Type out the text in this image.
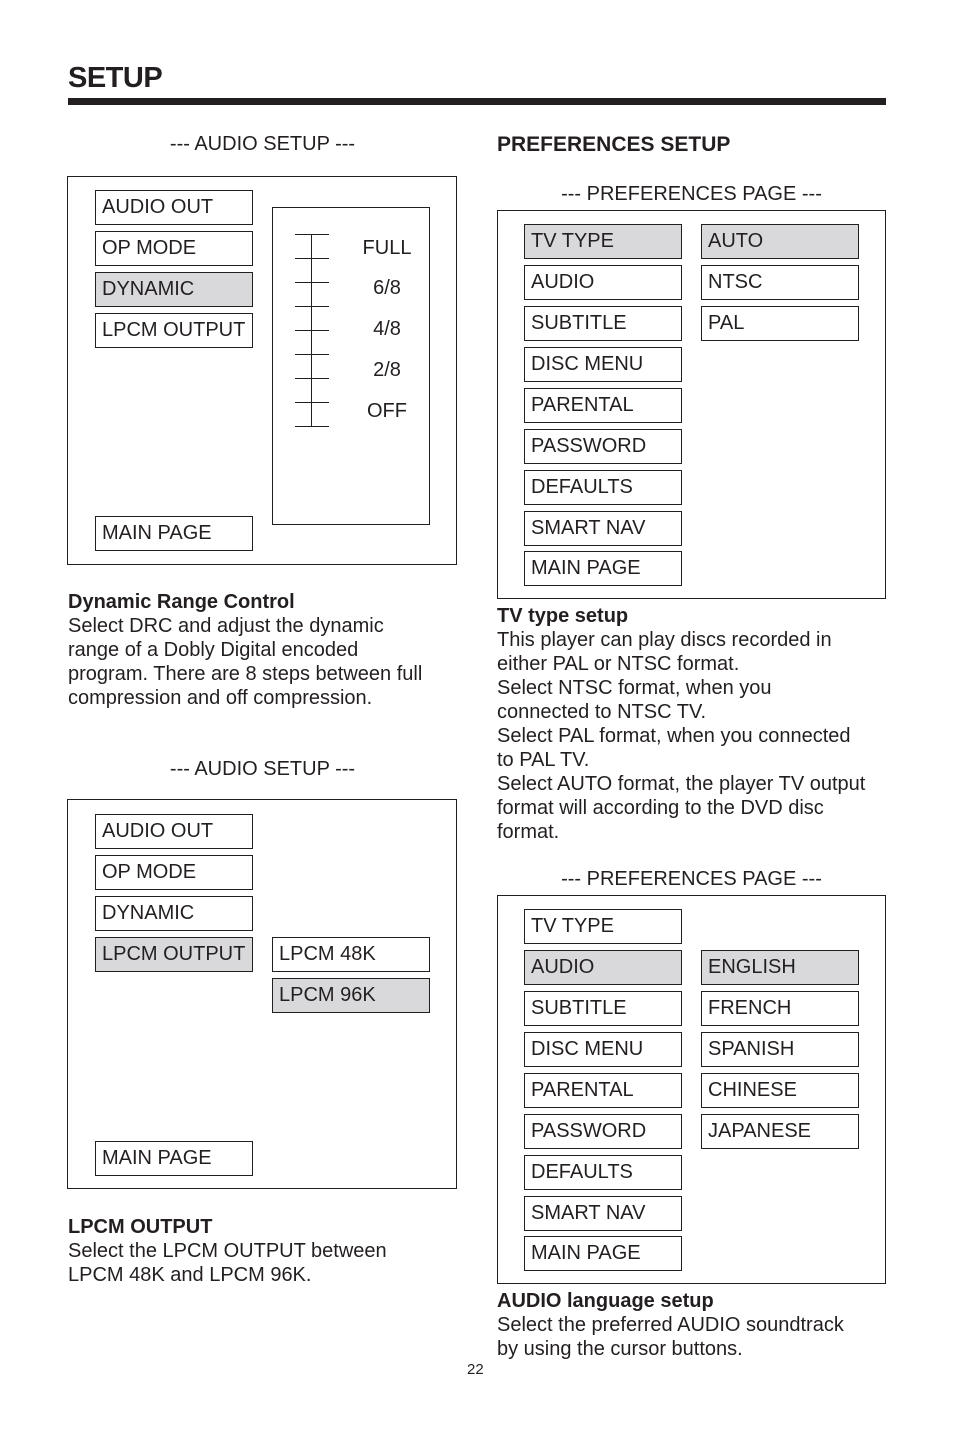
SETUP
--- AUDIO SETUP ---
AUDIO OUT
OP MODE
DYNAMIC
LPCM OUTPUT
MAIN PAGE
FULL
6/8
4/8
2/8
OFF
Dynamic Range Control
Select DRC and adjust the dynamic
range of a Dobly Digital encoded
program. There are 8 steps between full
compression and off compression.
--- AUDIO SETUP ---
AUDIO OUT
OP MODE
DYNAMIC
LPCM OUTPUT	LPCM 48K
LPCM 96K
MAIN PAGE
LPCM OUTPUT
Select the LPCM OUTPUT between
LPCM 48K and LPCM 96K.
PREFERENCES SETUP
--- PREFERENCES PAGE ---
TV TYPE
AUDIO
SUBTITLE
DISC MENU
PARENTAL
PASSWORD
DEFAULTS
SMART NAV
MAIN PAGE
AUTO
NTSC
PAL
TV type setup
This player can play discs recorded in
either PAL or NTSC format.
Select NTSC format, when you
connected to NTSC TV.
Select PAL format, when you connected
to PAL TV.
Select AUTO format, the player TV output
format will according to the DVD disc
format.
--- PREFERENCES PAGE ---
TV TYPE
AUDIO
SUBTITLE
DISC MENU
PARENTAL
PASSWORD
DEFAULTS
SMART NAV
MAIN PAGE
ENGLISH
FRENCH
SPANISH
CHINESE
JAPANESE
AUDIO language setup
Select the preferred AUDIO soundtrack
by using the cursor buttons.
22
